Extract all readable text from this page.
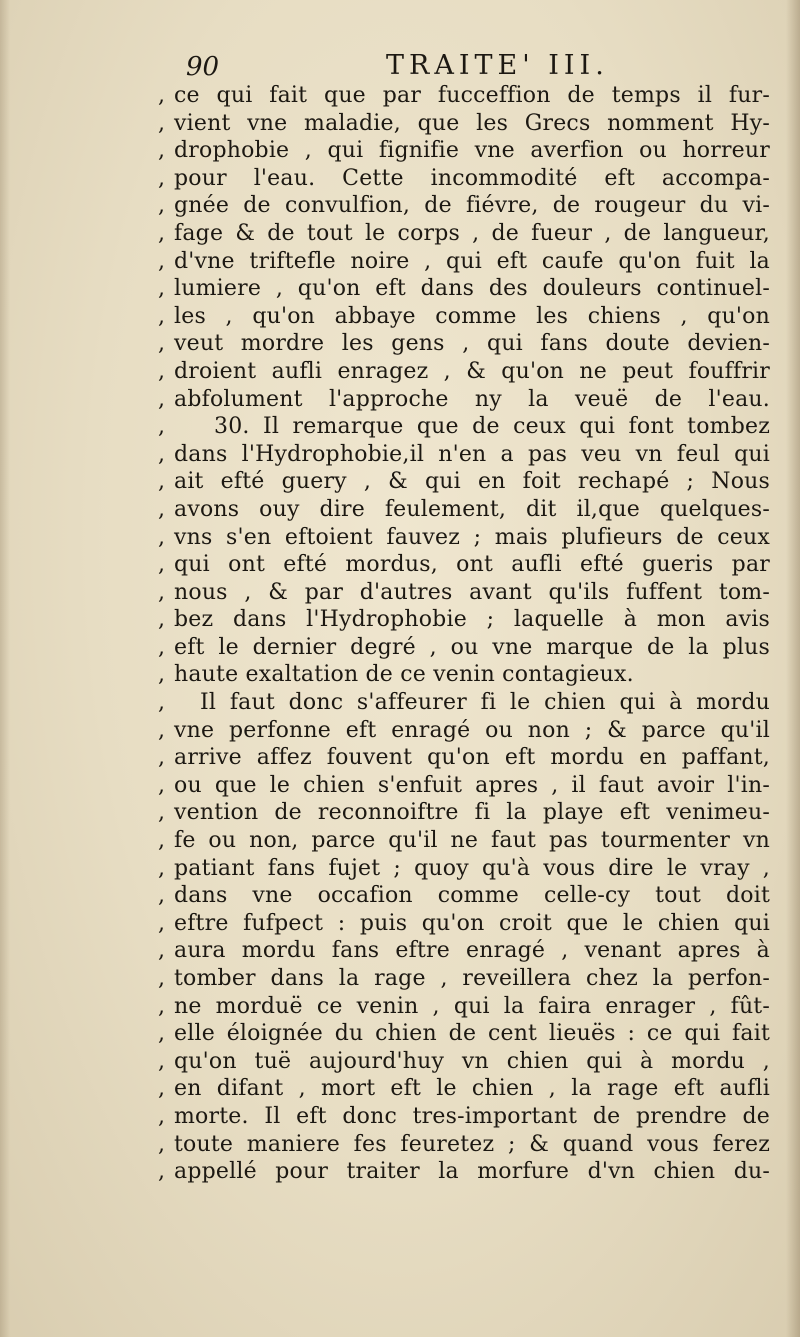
90	TRAITE' III.
, ce qui fait que par fucceffion de temps il fur-
, vient vne maladie, que les Grecs nomment Hy-
, drophobie , qui fignifie vne averfion ou horreur
, pour l'eau. Cette incommodité eft accompa-
, gnée de convulfion, de fiévre, de rougeur du vi-
, fage & de tout le corps , de fueur , de langueur,
, d'vne triftefle noire , qui eft caufe qu'on fuit la
, lumiere , qu'on eft dans des douleurs continuel-
, les , qu'on abbaye comme les chiens , qu'on
, veut mordre les gens , qui fans doute devien-
, droient aufli enragez , & qu'on ne peut fouffrir
, abfolument l'approche ny la veuë de l'eau.
,	30. Il remarque que de ceux qui font tombez
, dans l'Hydrophobie,il n'en a pas veu vn feul qui
, ait efté guery , & qui en foit rechapé ; Nous
, avons ouy dire feulement, dit il,que quelques-
, vns s'en eftoient fauvez ; mais plufieurs de ceux
, qui ont efté mordus, ont aufli efté gueris par
, nous , & par d'autres avant qu'ils fuffent tom-
, bez dans l'Hydrophobie ; laquelle à mon avis
, eft le dernier degré , ou vne marque de la plus
, haute exaltation de ce venin contagieux.
,	Il faut donc s'affeurer fi le chien qui à mordu
, vne perfonne eft enragé ou non ; & parce qu'il
, arrive affez fouvent qu'on eft mordu en paffant,
, ou que le chien s'enfuit apres , il faut avoir l'in-
, vention de reconnoiftre fi la playe eft venimeu-
, fe ou non, parce qu'il ne faut pas tourmenter vn
, patiant fans fujet ; quoy qu'à vous dire le vray ,
, dans vne occafion comme celle-cy tout doit
, eftre fufpect : puis qu'on croit que le chien qui
, aura mordu fans eftre enragé , venant apres à
, tomber dans la rage , reveillera chez la perfon-
, ne morduë ce venin , qui la faira enrager , fût-
, elle éloignée du chien de cent lieuës : ce qui fait
, qu'on tuë aujourd'huy vn chien qui à mordu ,
, en difant , mort eft le chien , la rage eft aufli
, morte. Il eft donc tres-important de prendre de
, toute maniere fes feuretez ; & quand vous ferez
, appellé pour traiter la morfure d'vn chien du-
